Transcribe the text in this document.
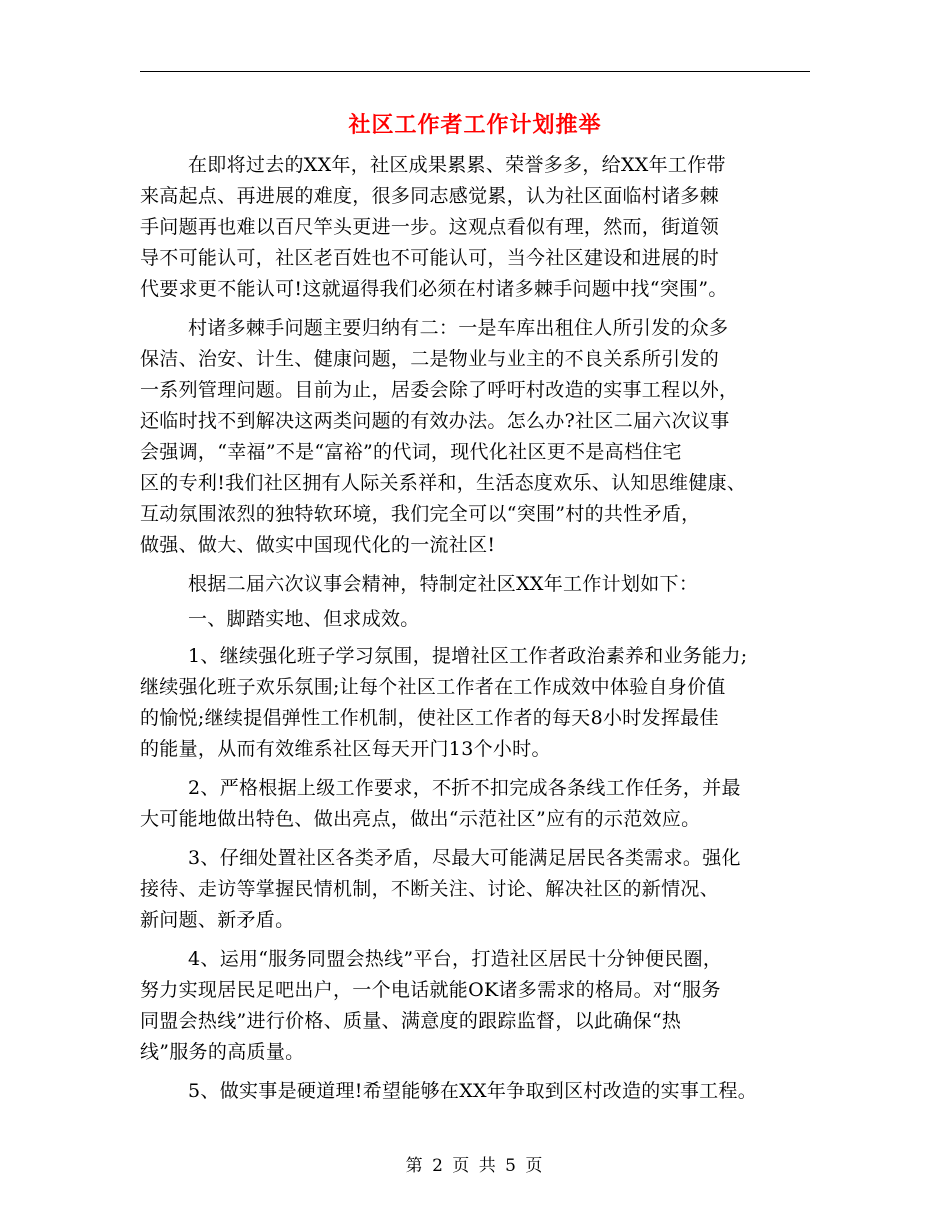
社区工作者工作计划推举
在即将过去的XX年，社区成果累累、荣誉多多，给XX年工作带
来高起点、再进展的难度，很多同志感觉累，认为社区面临村诸多棘
手问题再也难以百尺竿头更进一步。这观点看似有理，然而，街道领
导不可能认可，社区老百姓也不可能认可，当今社区建设和进展的时
代要求更不能认可!这就逼得我们必须在村诸多棘手问题中找“突围”。
村诸多棘手问题主要归纳有二：一是车库出租住人所引发的众多
保洁、治安、计生、健康问题，二是物业与业主的不良关系所引发的
一系列管理问题。目前为止，居委会除了呼吁村改造的实事工程以外，
还临时找不到解决这两类问题的有效办法。怎么办?社区二届六次议事
会强调，“幸福”不是“富裕”的代词，现代化社区更不是高档住宅
区的专利!我们社区拥有人际关系祥和，生活态度欢乐、认知思维健康、
互动氛围浓烈的独特软环境，我们完全可以“突围”村的共性矛盾，
做强、做大、做实中国现代化的一流社区!
根据二届六次议事会精神，特制定社区XX年工作计划如下：
一、脚踏实地、但求成效。
1、继续强化班子学习氛围，提增社区工作者政治素养和业务能力;
继续强化班子欢乐氛围;让每个社区工作者在工作成效中体验自身价值
的愉悦;继续提倡弹性工作机制，使社区工作者的每天8小时发挥最佳
的能量，从而有效维系社区每天开门13个小时。
2、严格根据上级工作要求，不折不扣完成各条线工作任务，并最
大可能地做出特色、做出亮点，做出“示范社区”应有的示范效应。
3、仔细处置社区各类矛盾，尽最大可能满足居民各类需求。强化
接待、走访等掌握民情机制，不断关注、讨论、解决社区的新情况、
新问题、新矛盾。
4、运用“服务同盟会热线”平台，打造社区居民十分钟便民圈，
努力实现居民足吧出户，一个电话就能OK诸多需求的格局。对“服务
同盟会热线”进行价格、质量、满意度的跟踪监督，以此确保“热
线”服务的高质量。
5、做实事是硬道理!希望能够在XX年争取到区村改造的实事工程。
第 2 页 共 5 页
